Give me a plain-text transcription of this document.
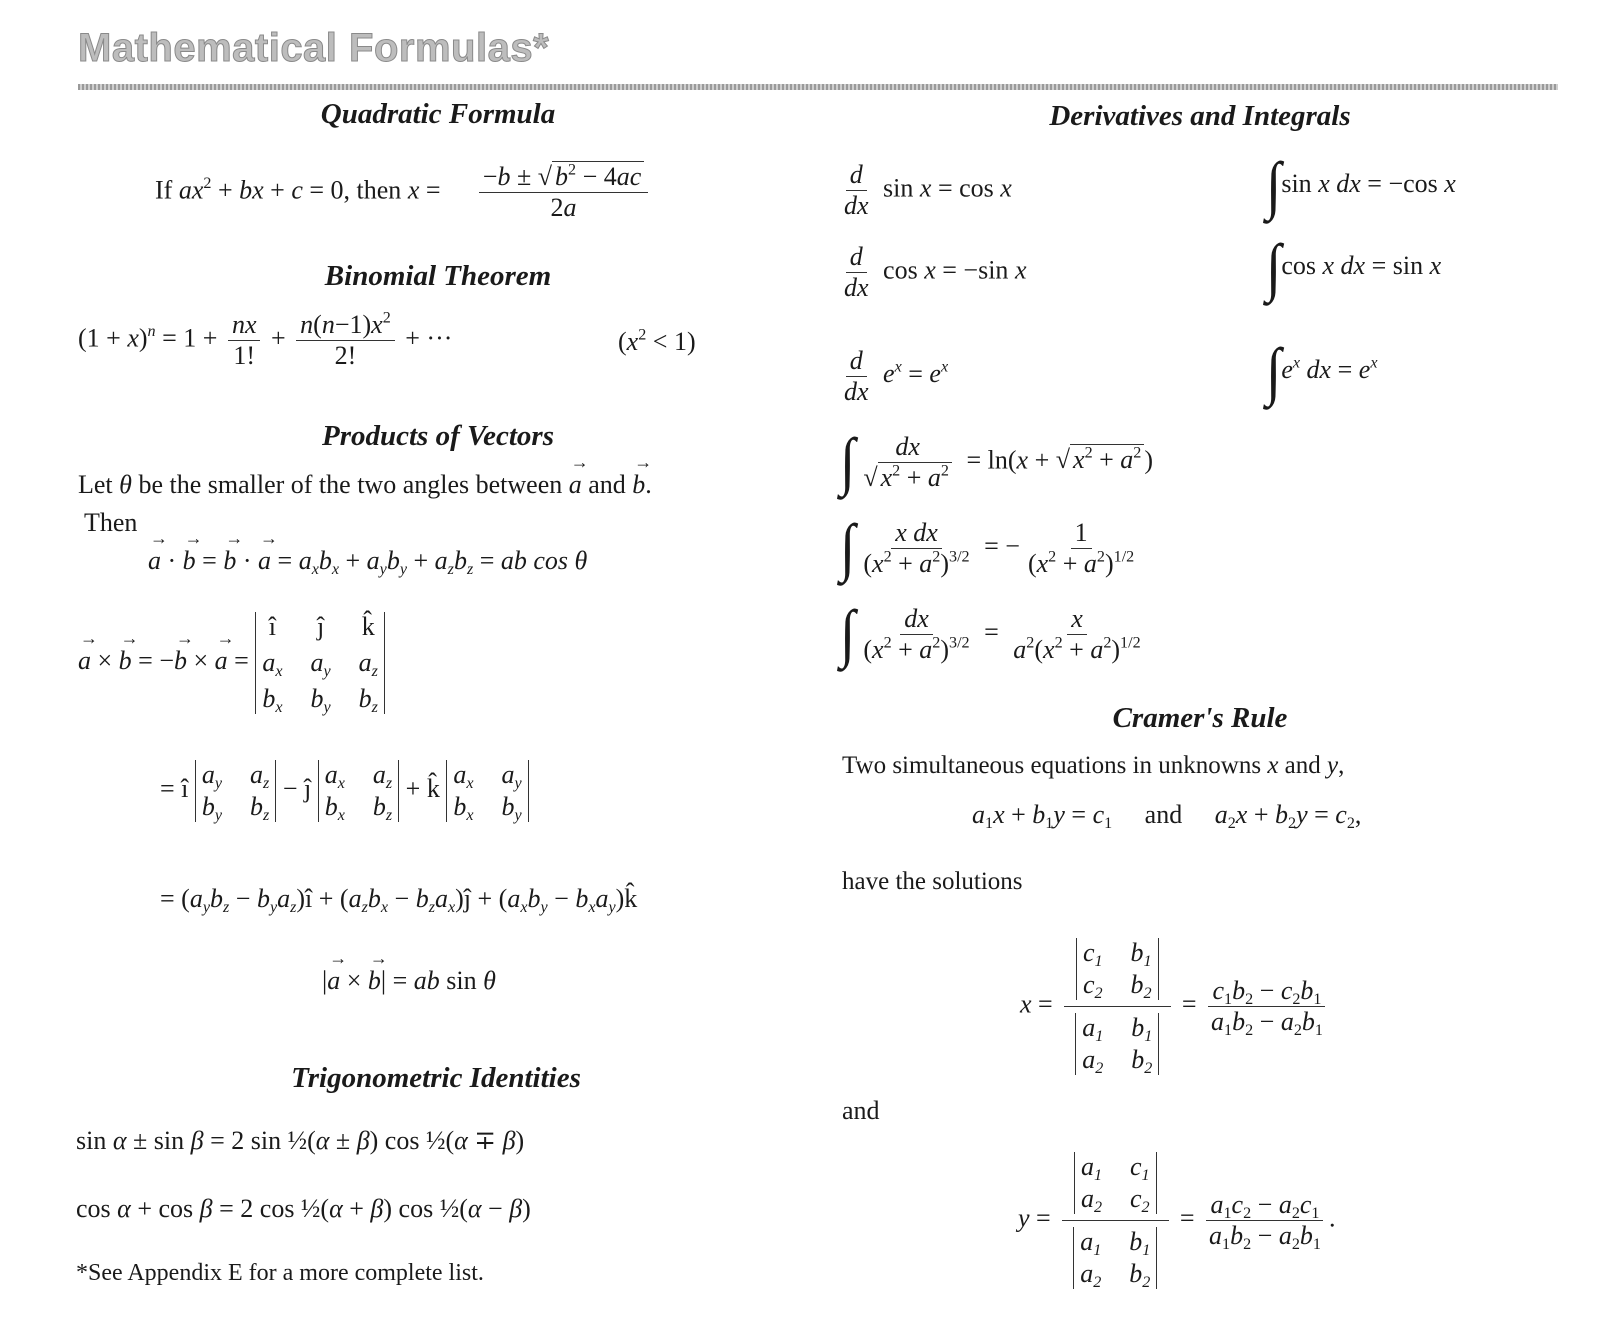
Mathematical Formulas*
Quadratic Formula
If $ax^2$ + bx + c = 0, then $x = \frac{-b \pm √ b^2 - 4ac}{2a}$
Binomial Theorem
$(1 + x)^n = 1 + \frac{nx}{1!} + \frac{n(n-1)x^2}{2!}$ + ···	$(x^2 < 1)$
Products of Vectors
Let θ be the smaller of the two angles between a → and b →.
Then
a → · b → = b → · a → = $a_xb_x + a_yb_y + a_zb_z$ = ab cos θ
a → × b → = −b → × a → =
î ĵ k̂
$a_x$ $a_y$ $a_z$
$b_x$ $b_y$ $b_z$
= î $a_y$ $a_z$
$b_y$ $b_z$
− ĵ $a_x$ $a_z$
$b_x$ $b_z$
+ k̂ $a_x$ $a_y$
$b_x$ $b_y$
= ($a_yb_z$ − $b_ya_z)î + (a_zb_x$ − $b_za_x)ĵ + (a_xb_y$ − $b_xa_y)k̂$
|a → × b →| = ab sin θ
Trigonometric Identities
sin α ± sin β = 2 sin ½(α ± β) cos ½(α ∓ β)
cos α + cos β = 2 cos ½(α + β) cos ½(α − β)
*See Appendix E for a more complete list.
Derivatives and Integrals
$\frac{d}{dx}$ sin x = cos x
$\frac{d}{dx}$ cos x = −sin x
$\frac{d}{dx} e^x = e^x$
∫sin x dx = −cos x
∫cos x dx = sin x
$\int e^x$ dx = $e^x$
∫ $\frac{dx}{√ x^2 + a^2} = \ln(x$ + √ $x^2 + a^2$ )
∫ $\frac{\text{x dx}}{(x^2 + a^2)^{3/2}}$ = − $\frac{1}{(x^2 + a^2)^{1/2}}$
∫ $\frac{dx}{(x^2 + a^2)^{3/2}} = \frac{x}{a^2(x^2 + a^2)^{1/2}}$
Cramer's Rule
Two simultaneous equations in unknowns x and y,
$a_1x + b_1y = c_1$     and     $a_2x + b_2y = c_2$,
have the solutions
$x = c_1$ $b_1$
$c_2$ $b_2$
$a_1$ $b_1$
$a_2$ $b_2 = \frac{c_1b_2 - c_2b_1}{a_1b_2 - a_2b_1}$
and
$y = a_1$ $c_1$
$a_2$ $c_2$
$a_1$ $b_1$
$a_2$ $b_2 = \frac{a_1c_2 - a_2c_1}{a_1b_2 - a_2b_1}$ .
